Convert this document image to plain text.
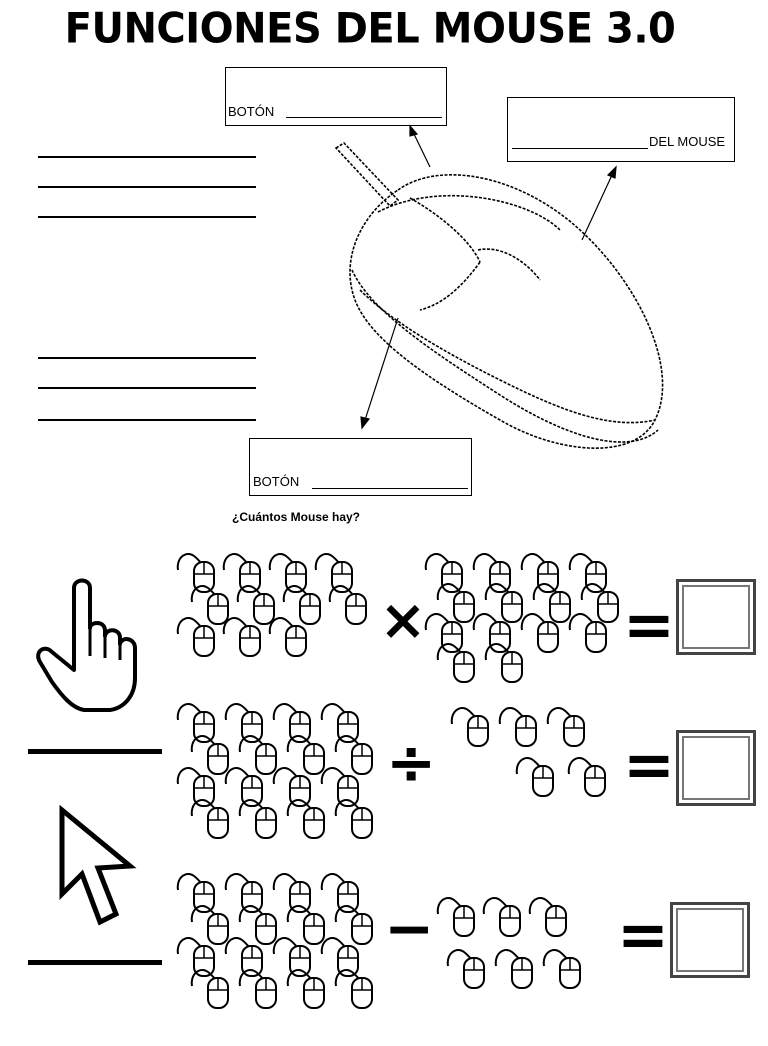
FUNCIONES DEL MOUSE 3.0
BOTÓN
DEL MOUSE
BOTÓN
¿Cuántos Mouse hay?
×
÷
−
=
=
=
